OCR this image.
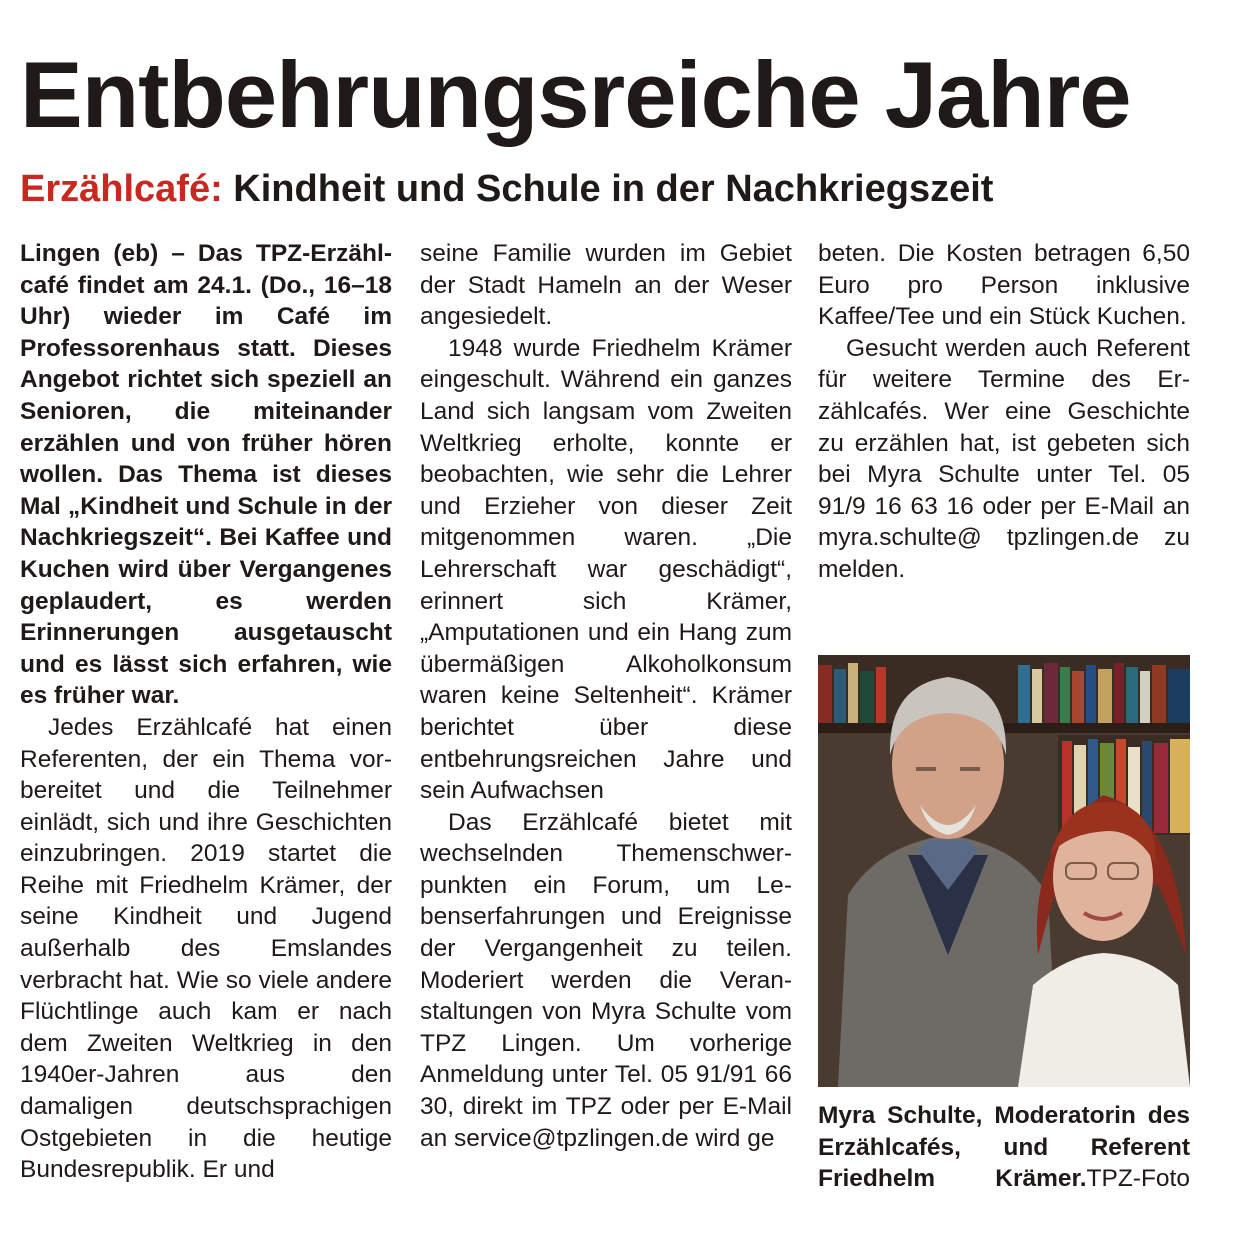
Entbehrungsreiche Jahre
Erzählcafé: Kindheit und Schule in der Nachkriegszeit

Lingen (eb) – Das TPZ-Erzählcafé findet am 24.1. (Do., 16–18 Uhr) wieder im Café im Professorenhaus statt. Dieses Angebot richtet sich speziell an Senioren, die miteinander erzählen und von früher hören wollen. Das Thema ist dieses Mal „Kindheit und Schule in der Nachkriegszeit“. Bei Kaffee und Kuchen wird über Vergangenes geplaudert, es werden Erinnerungen ausgetauscht und es lässt sich erfahren, wie es früher war.

Jedes Erzählcafé hat einen Referenten, der ein Thema vorbereitet und die Teilnehmer einlädt, sich und ihre Geschichten einzubringen. 2019 startet die Reihe mit Friedhelm Krämer, der seine Kindheit und Jugend außerhalb des Emslandes verbracht hat. Wie so viele andere Flüchtlinge auch kam er nach dem Zweiten Weltkrieg in den 1940er-Jahren aus den damaligen deutschsprachigen Ostgebieten in die heutige Bundesrepublik. Er und

seine Familie wurden im Gebiet der Stadt Hameln an der Weser angesiedelt.

1948 wurde Friedhelm Krämer eingeschult. Während ein ganzes Land sich langsam vom Zweiten Weltkrieg erholte, konnte er beobachten, wie sehr die Lehrer und Erzieher von dieser Zeit mitgenommen waren. „Die Lehrerschaft war geschädigt“, erinnert sich Krämer, „Amputationen und ein Hang zum übermäßigen Alkoholkonsum waren keine Seltenheit“. Krämer berichtet über diese entbehrungsreichen Jahre und sein Aufwachsen

Das Erzählcafé bietet mit wechselnden Themenschwerpunkten ein Forum, um Lebenserfahrungen und Ereignisse der Vergangenheit zu teilen. Moderiert werden die Veranstaltungen von Myra Schulte vom TPZ Lingen. Um vorherige Anmeldung unter Tel. 05 91/91 66 30, direkt im TPZ oder per E-Mail an service@tpzlingen.de wird ge

beten. Die Kosten betragen 6,50 Euro pro Person inklusive Kaffee/Tee und ein Stück Kuchen.

Gesucht werden auch Referent für weitere Termine des Erzählcafés. Wer eine Geschichte zu erzählen hat, ist gebeten sich bei Myra Schulte unter Tel. 05 91/9 16 63 16 oder per E-Mail an myra.schulte@ tpzlingen.de zu melden.

Myra Schulte, Moderatorin des Erzählcafés, und Referent Friedhelm Krämer. TPZ-Foto
